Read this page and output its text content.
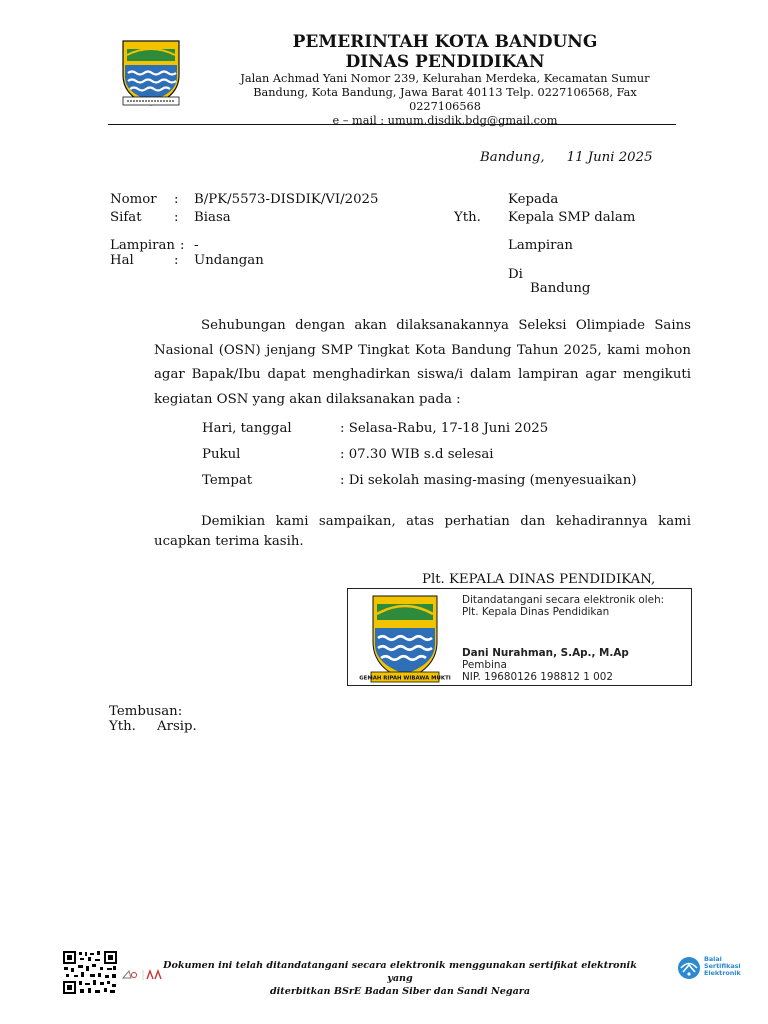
PEMERINTAH KOTA BANDUNG
DINAS PENDIDIKAN
Jalan Achmad Yani Nomor 239, Kelurahan Merdeka, Kecamatan Sumur
Bandung, Kota Bandung, Jawa Barat 40113 Telp. 0227106568, Fax
0227106568
e – mail : umum.disdik.bdg@gmail.com
Bandung, 11 Juni 2025
Nomor : B/PK/5573-DISDIK/VI/2025
Sifat : Biasa
Lampiran : -
Hal	: Undangan
Kepada
Yth. Kepala SMP dalam
Lampiran
Di
Bandung
Sehubungan dengan akan dilaksanakannya Seleksi Olimpiade Sains Nasional (OSN) jenjang SMP Tingkat Kota Bandung Tahun 2025, kami mohon agar Bapak/Ibu dapat menghadirkan siswa/i dalam lampiran agar mengikuti kegiatan OSN yang akan dilaksanakan pada :
Hari, tanggal	: Selasa-Rabu, 17-18 Juni 2025
Pukul	: 07.30 WIB s.d selesai
Tempat	: Di sekolah masing-masing (menyesuaikan)
Demikian kami sampaikan, atas perhatian dan kehadirannya kami ucapkan terima kasih.
Plt. KEPALA DINAS PENDIDIKAN,
GEMAH RIPAH WIBAWA MUKTI
Ditandatangani secara elektronik oleh:
Plt. Kepala Dinas Pendidikan
Dani Nurahman, S.Ap., M.Ap
Pembina
NIP. 19680126 198812 1 002
Tembusan:
Yth. Arsip.
Dokumen ini telah ditandatangani secara elektronik menggunakan sertifikat elektronik yang
diterbitkan BSrE Badan Siber dan Sandi Negara
Balai
Sertifikasi
Elektronik
